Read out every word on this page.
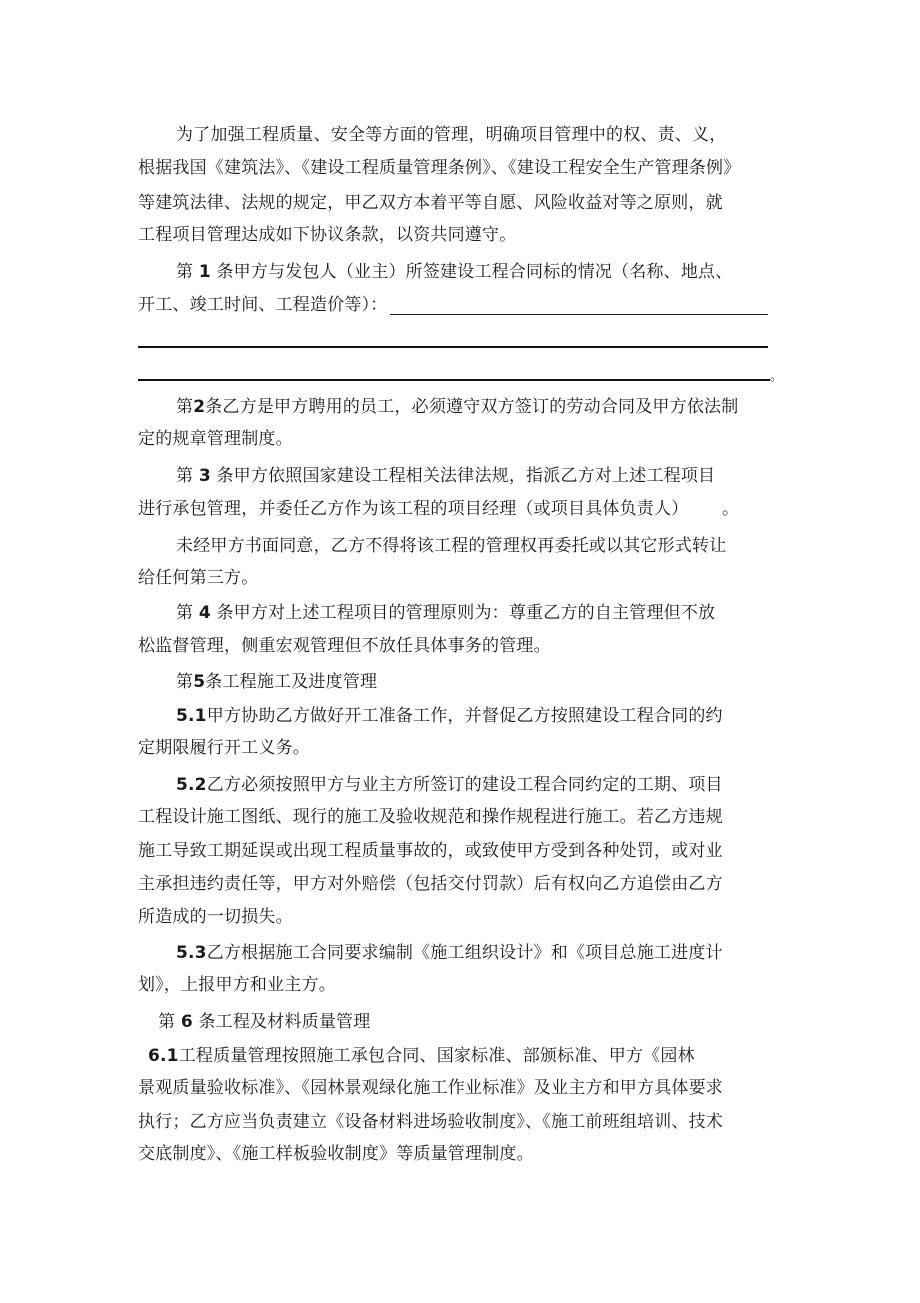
为了加强工程质量、安全等方面的管理，明确项目管理中的权、责、义，
根据我国《建筑法》、《建设工程质量管理条例》、《建设工程安全生产管理条例》
等建筑法律、法规的规定，甲乙双方本着平等自愿、风险收益对等之原则，就
工程项目管理达成如下协议条款，以资共同遵守。
第 1 条甲方与发包人（业主）所签建设工程合同标的情况（名称、地点、
开工、竣工时间、工程造价等）：
。
第2条乙方是甲方聘用的员工，必须遵守双方签订的劳动合同及甲方依法制
定的规章管理制度。
第 3 条甲方依照国家建设工程相关法律法规，指派乙方对上述工程项目
进行承包管理，并委任乙方作为该工程的项目经理（或项目具体负责人） 。
未经甲方书面同意，乙方不得将该工程的管理权再委托或以其它形式转让
给任何第三方。
第 4 条甲方对上述工程项目的管理原则为：尊重乙方的自主管理但不放
松监督管理，侧重宏观管理但不放任具体事务的管理。
第5条工程施工及进度管理
5.1甲方协助乙方做好开工准备工作，并督促乙方按照建设工程合同的约
定期限履行开工义务。
5.2乙方必须按照甲方与业主方所签订的建设工程合同约定的工期、项目
工程设计施工图纸、现行的施工及验收规范和操作规程进行施工。若乙方违规
施工导致工期延误或出现工程质量事故的，或致使甲方受到各种处罚，或对业
主承担违约责任等，甲方对外赔偿（包括交付罚款）后有权向乙方追偿由乙方
所造成的一切损失。
5.3乙方根据施工合同要求编制《施工组织设计》和《项目总施工进度计
划》，上报甲方和业主方。
第 6 条工程及材料质量管理
6.1工程质量管理按照施工承包合同、国家标准、部颁标准、甲方《园林
景观质量验收标准》、《园林景观绿化施工作业标准》及业主方和甲方具体要求
执行；乙方应当负责建立《设备材料进场验收制度》、《施工前班组培训、技术
交底制度》、《施工样板验收制度》等质量管理制度。
